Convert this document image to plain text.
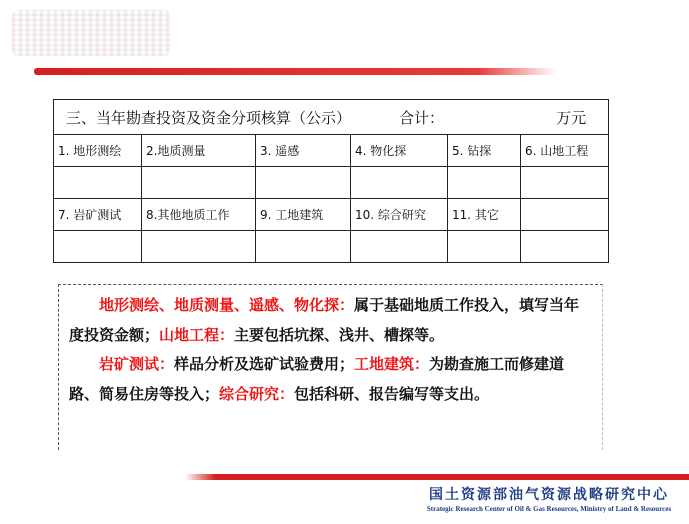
三、当年勘查投资及资金分项核算（公示） 合计： 万元					

1. 地形测绘	2.地质测量	3. 遥感	4. 物化探	5. 钻探	6. 山地工程

7. 岩矿测试	8.其他地质工作	9. 工地建筑	10. 综合研究	11. 其它	

地形测绘、地质测量、遥感、物化探：属于基础地质工作投入，填写当年度投资金额；山地工程：主要包括坑探、浅井、槽探等。

岩矿测试：样品分析及选矿试验费用；工地建筑：为勘查施工而修建道路、简易住房等投入；综合研究：包括科研、报告编写等支出。

国土资源部油气资源战略研究中心
Strategic Research Center of Oil & Gas Resources, Ministry of Land & Resources
